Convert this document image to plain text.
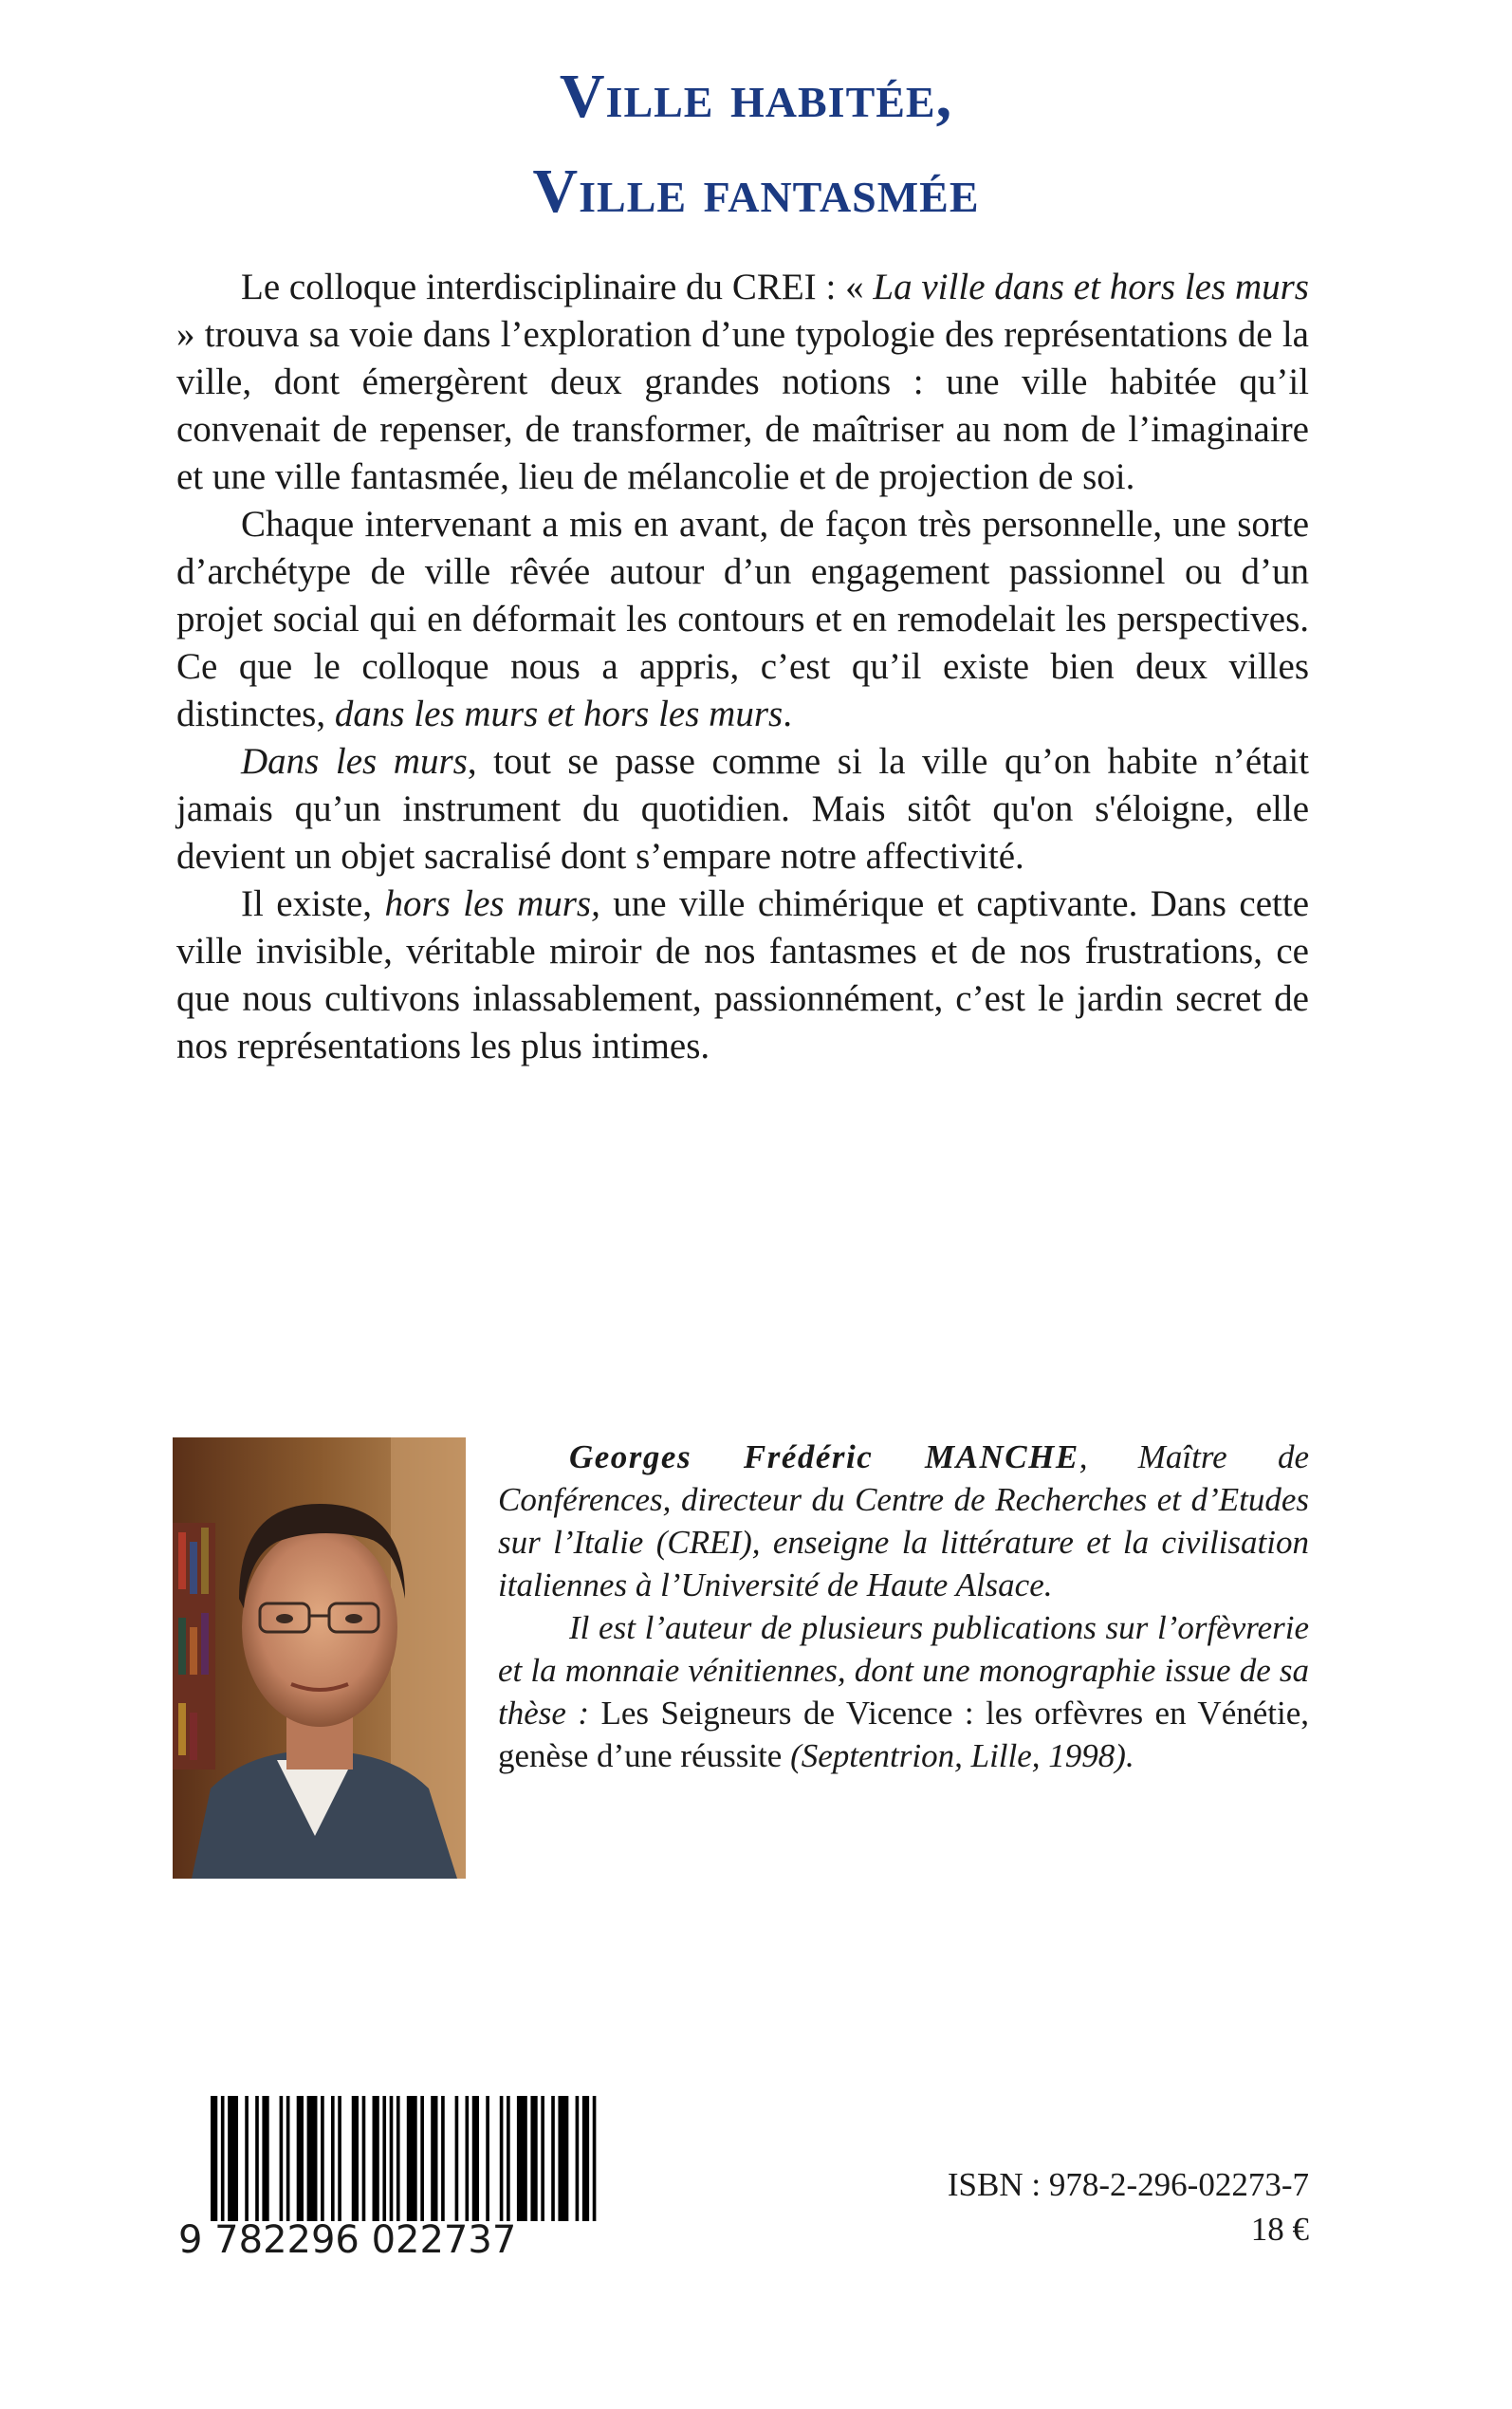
Ville habitée,
Ville fantasmée

Le colloque interdisciplinaire du CREI : « La ville dans et hors les murs » trouva sa voie dans l’exploration d’une typologie des représentations de la ville, dont émergèrent deux grandes notions : une ville habitée qu’il convenait de repenser, de transformer, de maîtriser au nom de l’imaginaire et une ville fantasmée, lieu de mélancolie et de projection de soi.

Chaque intervenant a mis en avant, de façon très personnelle, une sorte d’archétype de ville rêvée autour d’un engagement passionnel ou d’un projet social qui en déformait les contours et en remodelait les perspectives. Ce que le colloque nous a appris, c’est qu’il existe bien deux villes distinctes, dans les murs et hors les murs.

Dans les murs, tout se passe comme si la ville qu’on habite n’était jamais qu’un instrument du quotidien. Mais sitôt qu'on s'éloigne, elle devient un objet sacralisé dont s’empare notre affectivité.

Il existe, hors les murs, une ville chimérique et captivante. Dans cette ville invisible, véritable miroir de nos fantasmes et de nos frustrations, ce que nous cultivons inlassablement, passionnément, c’est le jardin secret de nos représentations les plus intimes.

Georges Frédéric MANCHE, Maître de Conférences, directeur du Centre de Recherches et d’Etudes sur l’Italie (CREI), enseigne la littérature et la civilisation italiennes à l’Université de Haute Alsace.

Il est l’auteur de plusieurs publications sur l’orfèvrerie et la monnaie vénitiennes, dont une monographie issue de sa thèse : Les Seigneurs de Vicence : les orfèvres en Vénétie, genèse d’une réussite (Septentrion, Lille, 1998).

9 782296 022737
ISBN : 978-2-296-02273-7
18 €
